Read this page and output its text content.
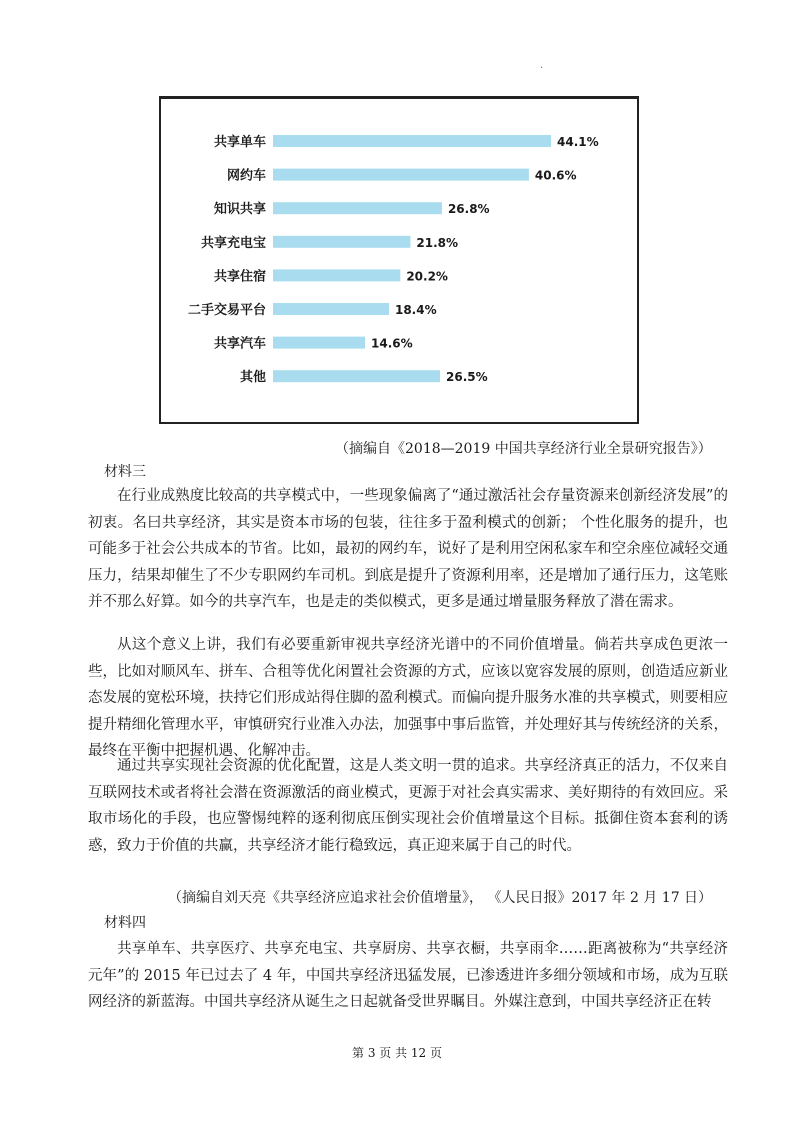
.
共享单车	44.1%
网约车	40.6%
知识共享	26.8%
共享充电宝	21.8%
共享住宿	20.2%
二手交易平台	18.4%
共享汽车	14.6%
其他	26.5%
（摘编自《2018—2019 中国共享经济行业全景研究报告》）
材料三

在行业成熟度比较高的共享模式中，一些现象偏离了“通过激活社会存量资源来创新经济发展”的初衷。名曰共享经济，其实是资本市场的包装，往往多于盈利模式的创新； 个性化服务的提升，也可能多于社会公共成本的节省。比如，最初的网约车，说好了是利用空闲私家车和空余座位减轻交通压力，结果却催生了不少专职网约车司机。到底是提升了资源利用率，还是增加了通行压力，这笔账并不那么好算。如今的共享汽车，也是走的类似模式，更多是通过增量服务释放了潜在需求。

从这个意义上讲，我们有必要重新审视共享经济光谱中的不同价值增量。倘若共享成色更浓一些，比如对顺风车、拼车、合租等优化闲置社会资源的方式，应该以宽容发展的原则，创造适应新业态发展的宽松环境，扶持它们形成站得住脚的盈利模式。而偏向提升服务水准的共享模式，则要相应提升精细化管理水平，审慎研究行业准入办法，加强事中事后监管，并处理好其与传统经济的关系，最终在平衡中把握机遇、化解冲击。

通过共享实现社会资源的优化配置，这是人类文明一贯的追求。共享经济真正的活力，不仅来自互联网技术或者将社会潜在资源激活的商业模式，更源于对社会真实需求、美好期待的有效回应。采取市场化的手段，也应警惕纯粹的逐利彻底压倒实现社会价值增量这个目标。抵御住资本套利的诱惑，致力于价值的共赢，共享经济才能行稳致远，真正迎来属于自己的时代。

（摘编自刘天亮《共享经济应追求社会价值增量》， 《人民日报》2017 年 2 月 17 日）
材料四

共享单车、共享医疗、共享充电宝、共享厨房、共享衣橱，共享雨伞……距离被称为“共享经济元年”的 2015 年已过去了 4 年，中国共享经济迅猛发展，已渗透进许多细分领域和市场，成为互联网经济的新蓝海。中国共享经济从诞生之日起就备受世界瞩目。外媒注意到，中国共享经济正在转

第 3 页 共 12 页
